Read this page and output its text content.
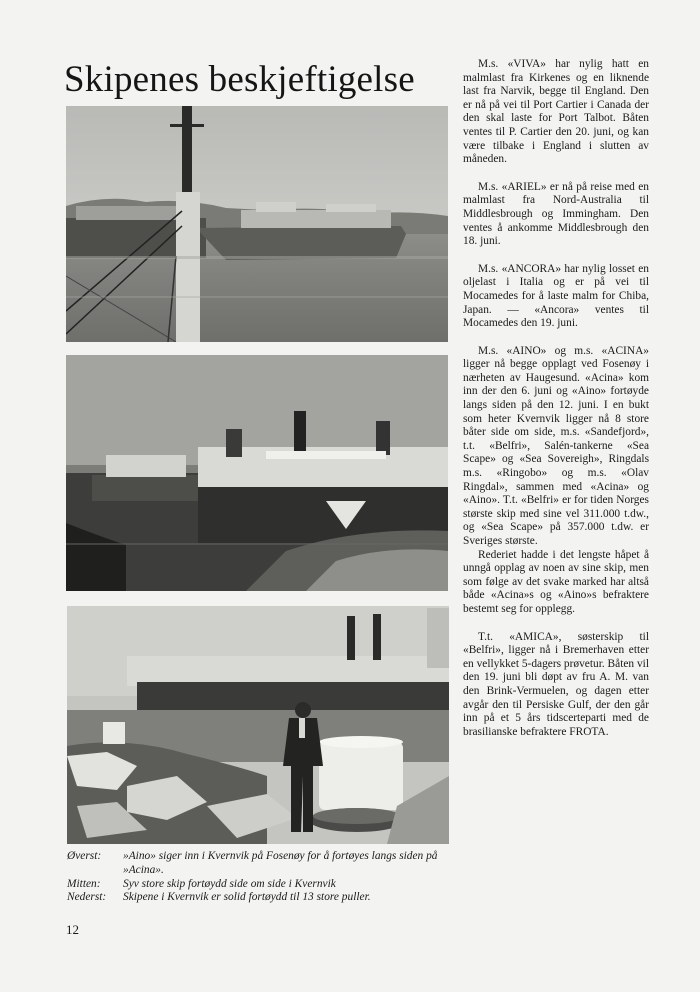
Skipenes beskjeftigelse	M.s. «VIVA» har nylig hatt en malmlast fra Kirkenes og en liknende last fra Narvik, begge til England. Den er nå på vei til Port Cartier i Canada der den skal laste for Port Talbot. Båten ventes til P. Cartier den 20. juni, og kan være tilbake i England i slutten av måneden.

M.s. «ARIEL» er nå på reise med en malmlast fra Nord-Australia til Middlesbrough og Immingham. Den ventes å ankomme Middlesbrough den 18. juni.

M.s. «ANCORA» har nylig losset en oljelast i Italia og er på vei til Mocamedes for å laste malm for Chiba, Japan. — «Ancora» ventes til Mocamedes den 19. juni.

M.s. «AINO» og m.s. «ACINA» ligger nå begge opplagt ved Fosenøy i nærheten av Haugesund. «Acina» kom inn der den 6. juni og «Aino» fortøyde langs siden på den 12. juni. I en bukt som heter Kvernvik ligger nå 8 store båter side om side, m.s. «Sandefjord», t.t. «Belfri», Salén-tankerne «Sea Scape» og «Sea Sovereigh», Ringdals m.s. «Ringobo» og m.s. «Olav Ringdal», sammen med «Acina» og «Aino». T.t. «Belfri» er for tiden Norges største skip med sine vel 311.000 t.dw., og «Sea Scape» på 357.000 t.dw. er Sveriges største.

Rederiet hadde i det lengste håpet å unngå opplag av noen av sine skip, men som følge av det svake marked har altså både «Acina»s og «Aino»s befraktere bestemt seg for opplegg.

T.t. «AMICA», søsterskip til «Belfri», ligger nå i Bremerhaven etter en vellykket 5-dagers prøvetur. Båten vil den 19. juni bli døpt av fru A. M. van den Brink-Vermuelen, og dagen etter avgår den til Persiske Gulf, der den går inn på et 5 års tidscerteparti med de brasilianske befraktere FROTA.

Øverst:	»Aino» siger inn i Kvernvik på Fosenøy for å fortøyes langs siden på »Acina».
Mitten:	Syv store skip fortøydd side om side i Kvernvik
Nederst:	Skipene i Kvernvik er solid fortøydd til 13 store puller.
12
